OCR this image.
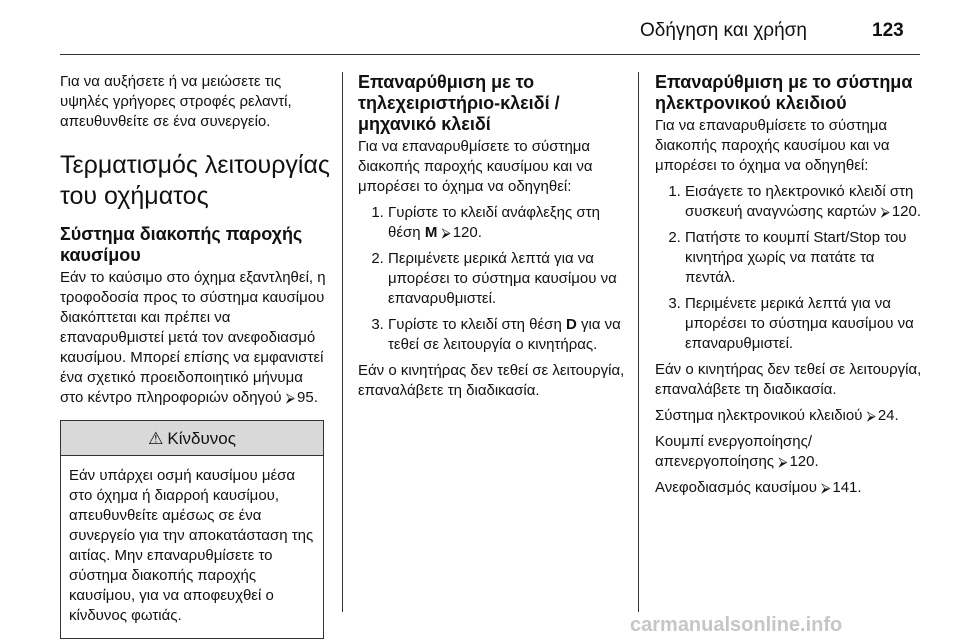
Οδήγηση και χρήση	123

Για να αυξήσετε ή να μειώσετε τις υψηλές γρήγορες στροφές ρελαντί, απευθυνθείτε σε ένα συνεργείο.

Τερματισμός λειτουργίας του οχήματος
Σύστημα διακοπής παροχής καυσίμου

Εάν το καύσιμο στο όχημα εξαντληθεί, η τροφοδοσία προς το σύστημα καυσίμου διακόπτεται και πρέπει να επαναρυθμιστεί μετά τον ανεφοδιασμό καυσίμου. Μπορεί επίσης να εμφανιστεί ένα σχετικό προειδοποιητικό μήνυμα στο κέντρο πληροφοριών οδηγού ⮚ 95.

⚠ Κίνδυνος
Εάν υπάρχει οσμή καυσίμου μέσα στο όχημα ή διαρροή καυσίμου, απευθυνθείτε αμέσως σε ένα συνεργείο για την αποκατάσταση της αιτίας. Μην επαναρυθμίσετε το σύστημα διακοπής παροχής καυσίμου, για να αποφευχθεί ο κίνδυνος φωτιάς.
Επαναρύθμιση με το τηλεχειριστήριο-κλειδί / μηχανικό κλειδί

Για να επαναρυθμίσετε το σύστημα διακοπής παροχής καυσίμου και να μπορέσει το όχημα να οδηγηθεί:

1. Γυρίστε το κλειδί ανάφλεξης στη θέση M ⮚ 120.
2. Περιμένετε μερικά λεπτά για να μπορέσει το σύστημα καυσίμου να επαναρυθμιστεί.
3. Γυρίστε το κλειδί στη θέση D για να τεθεί σε λειτουργία ο κινητήρας.

Εάν ο κινητήρας δεν τεθεί σε λειτουργία, επαναλάβετε τη διαδικασία.

Επαναρύθμιση με το σύστημα ηλεκτρονικού κλειδιού

Για να επαναρυθμίσετε το σύστημα διακοπής παροχής καυσίμου και να μπορέσει το όχημα να οδηγηθεί:

1. Εισάγετε το ηλεκτρονικό κλειδί στη συσκευή αναγνώσης καρτών ⮚ 120.
2. Πατήστε το κουμπί Start/Stop του κινητήρα χωρίς να πατάτε τα πεντάλ.
3. Περιμένετε μερικά λεπτά για να μπορέσει το σύστημα καυσίμου να επαναρυθμιστεί.

Εάν ο κινητήρας δεν τεθεί σε λειτουργία, επαναλάβετε τη διαδικασία.

Σύστημα ηλεκτρονικού κλειδιού ⮚ 24.

Κουμπί ενεργοποίησης/απενεργοποίησης ⮚ 120.

Ανεφοδιασμός καυσίμου ⮚ 141.

carmanualsonline.info
